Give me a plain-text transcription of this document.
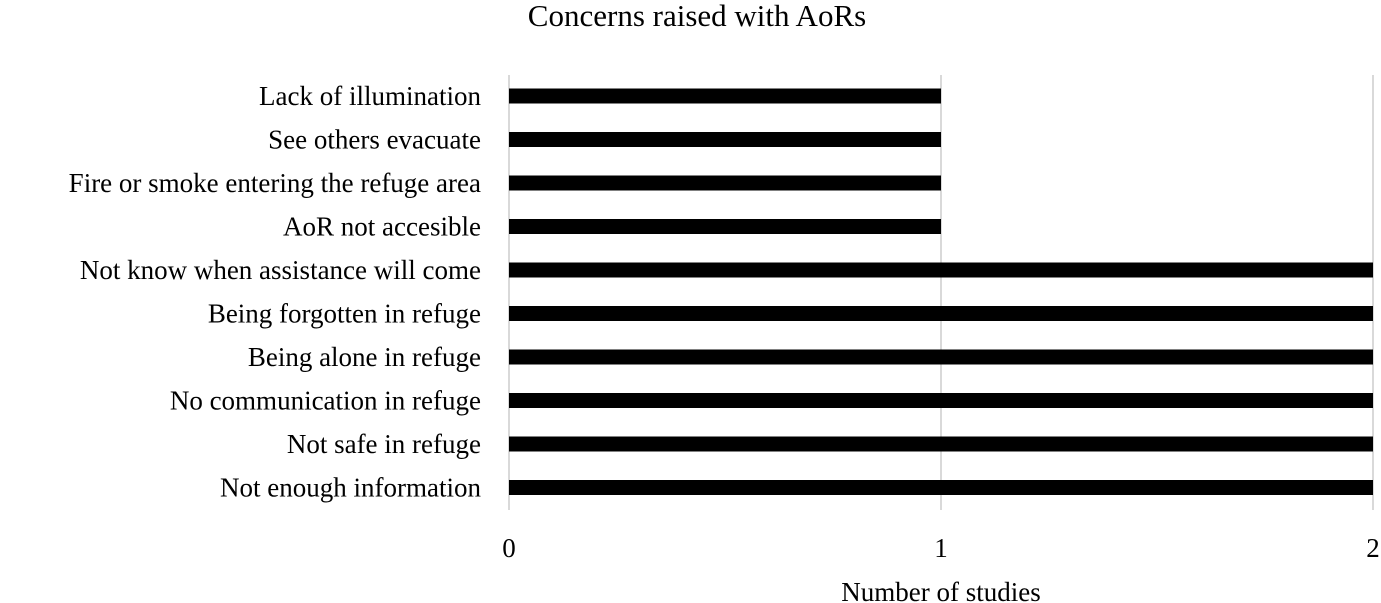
Concerns raised with AoRs
Lack of illumination
See others evacuate
Fire or smoke entering the refuge area
AoR not accesible
Not know when assistance will come
Being forgotten in refuge
Being alone in refuge
No communication in refuge
Not safe in refuge
Not enough information
0	1	2
Number of studies
